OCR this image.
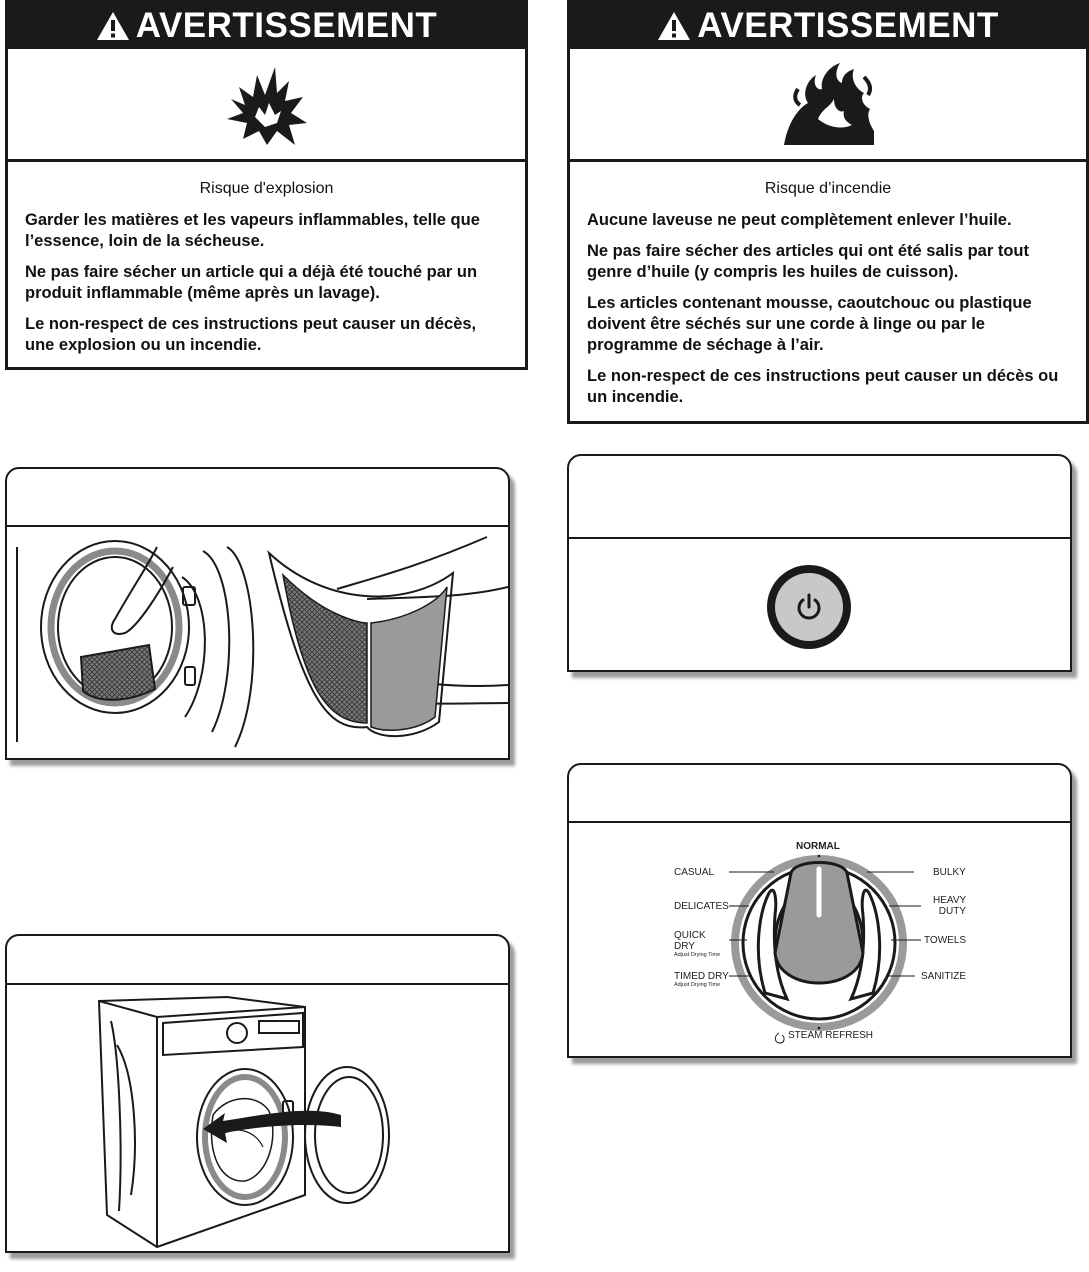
AVERTISSEMENT
Risque d'explosion

Garder les matières et les vapeurs inflammables, telle que l’essence, loin de la sécheuse.

Ne pas faire sécher un article qui a déjà été touché par un produit inflammable (même après un lavage).

Le non-respect de ces instructions peut causer un décès, une explosion ou un incendie.

AVERTISSEMENT
Risque d’incendie

Aucune laveuse ne peut complètement enlever l’huile.

Ne pas faire sécher des articles qui ont été salis par tout genre d’huile (y compris les huiles de cuisson).

Les articles contenant mousse, caoutchouc ou plastique doivent être séchés sur une corde à linge ou par le programme de séchage à l’air.

Le non-respect de ces instructions peut causer un décès ou un incendie.

NORMAL
CASUAL
DELICATES
QUICK
DRY
Adjust Drying Time
TIMED DRY
Adjust Drying Time
BULKY
HEAVY
DUTY
TOWELS
SANITIZE
STEAM REFRESH
